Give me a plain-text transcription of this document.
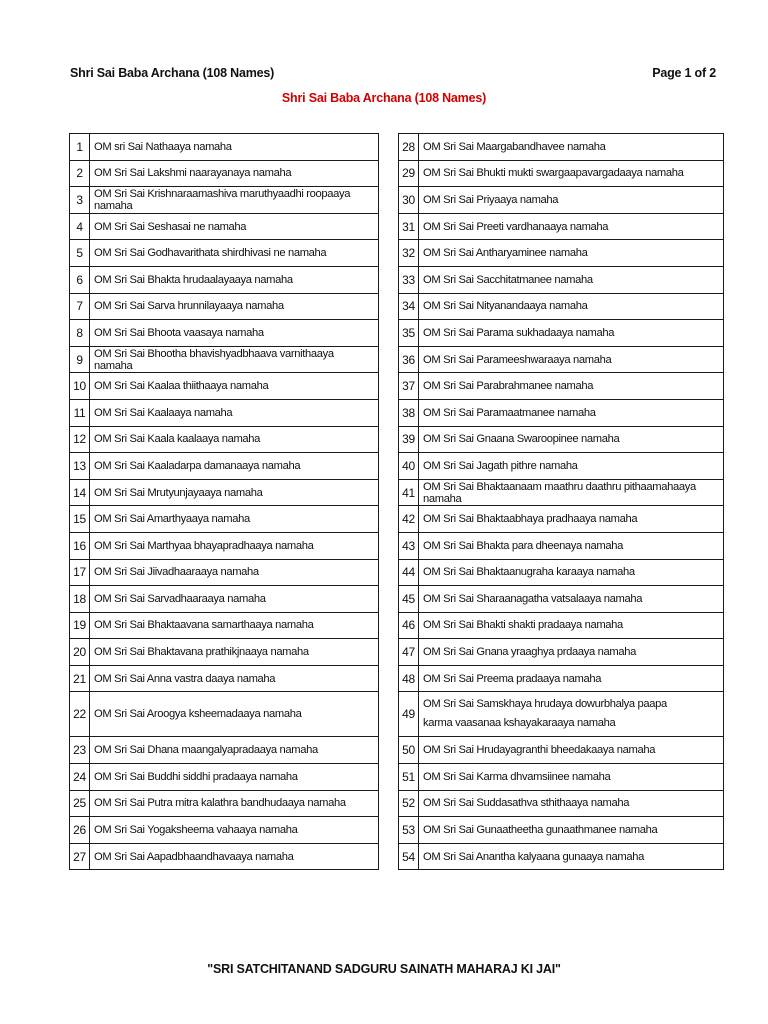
Shri Sai Baba Archana (108 Names)	Page 1 of 2
Shri Sai Baba Archana (108 Names)
1	OM sri Sai Nathaaya namaha
2	OM Sri Sai Lakshmi naarayanaya namaha
3	OM Sri Sai Krishnaraamashiva maruthyaadhi roopaaya namaha
4	OM Sri Sai Seshasai ne namaha
5	OM Sri Sai Godhavarithata shirdhivasi ne namaha
6	OM Sri Sai Bhakta hrudaalayaaya namaha
7	OM Sri Sai Sarva hrunnilayaaya namaha
8	OM Sri Sai Bhoota vaasaya namaha
9	OM Sri Sai Bhootha bhavishyadbhaava varnithaaya namaha
10	OM Sri Sai Kaalaa thiithaaya namaha
11	OM Sri Sai Kaalaaya namaha
12	OM Sri Sai Kaala kaalaaya namaha
13	OM Sri Sai Kaaladarpa damanaaya namaha
14	OM Sri Sai Mrutyunjayaaya namaha
15	OM Sri Sai Amarthyaaya namaha
16	OM Sri Sai Marthyaa bhayapradhaaya namaha
17	OM Sri Sai Jiivadhaaraaya namaha
18	OM Sri Sai Sarvadhaaraaya namaha
19	OM Sri Sai Bhaktaavana samarthaaya namaha
20	OM Sri Sai Bhaktavana prathikjnaaya namaha
21	OM Sri Sai Anna vastra daaya namaha
22	OM Sri Sai Aroogya ksheemadaaya namaha
23	OM Sri Sai Dhana maangalyapradaaya namaha
24	OM Sri Sai Buddhi siddhi pradaaya namaha
25	OM Sri Sai Putra mitra kalathra bandhudaaya namaha
26	OM Sri Sai Yogaksheema vahaaya namaha
27	OM Sri Sai Aapadbhaandhavaaya namaha
28	OM Sri Sai Maargabandhavee namaha
29	OM Sri Sai Bhukti mukti swargaapavargadaaya namaha
30	OM Sri Sai Priyaaya namaha
31	OM Sri Sai Preeti vardhanaaya namaha
32	OM Sri Sai Antharyaminee namaha
33	OM Sri Sai Sacchitatmanee namaha
34	OM Sri Sai Nityanandaaya namaha
35	OM Sri Sai Parama sukhadaaya namaha
36	OM Sri Sai Parameeshwaraaya namaha
37	OM Sri Sai Parabrahmanee namaha
38	OM Sri Sai Paramaatmanee namaha
39	OM Sri Sai Gnaana Swaroopinee namaha
40	OM Sri Sai Jagath pithre namaha
41	OM Sri Sai Bhaktaanaam maathru daathru pithaamahaaya namaha
42	OM Sri Sai Bhaktaabhaya pradhaaya namaha
43	OM Sri Sai Bhakta para dheenaya namaha
44	OM Sri Sai Bhaktaanugraha karaaya namaha
45	OM Sri Sai Sharaanagatha vatsalaaya namaha
46	OM Sri Sai Bhakti shakti pradaaya namaha
47	OM Sri Sai Gnana yraaghya prdaaya namaha
48	OM Sri Sai Preema pradaaya namaha
49	OM Sri Sai Samskhaya hrudaya dowurbhalya paapa
karma vaasanaa kshayakaraaya namaha

50	OM Sri Sai Hrudayagranthi bheedakaaya namaha
51	OM Sri Sai Karma dhvamsiinee namaha
52	OM Sri Sai Suddasathva sthithaaya namaha
53	OM Sri Sai Gunaatheetha gunaathmanee namaha
54	OM Sri Sai Anantha kalyaana gunaaya namaha
"SRI SATCHITANAND SADGURU SAINATH MAHARAJ KI JAI"
